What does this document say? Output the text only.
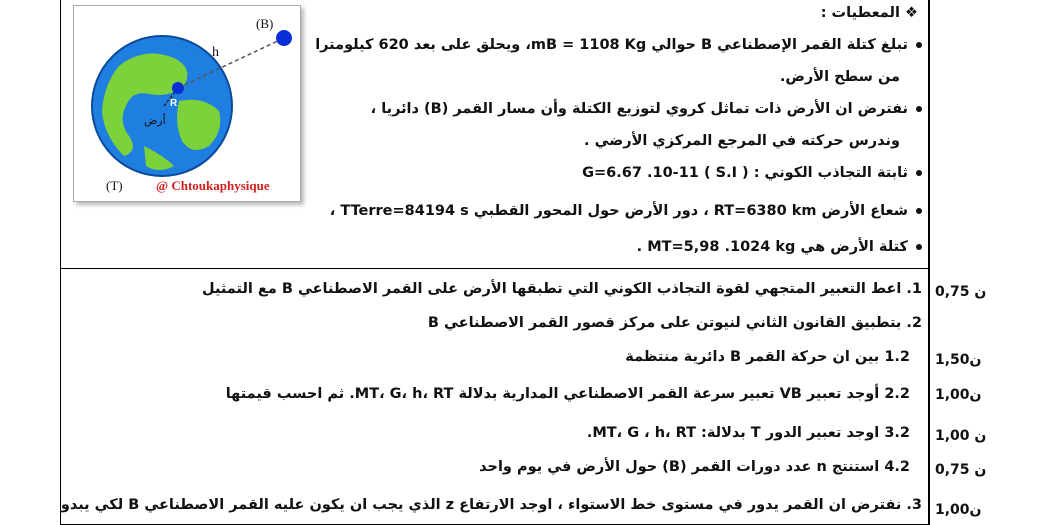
(B)
h
R
أرض
(T)	@ Chtoukaphysique
❖ المعطيات :
تبلغ كتلة القمر الإصطناعي B حوالي mB = 1108 Kg، ويحلق على بعد 620 كيلومترا
من سطح الأرض.
نفترض ان الأرض ذات تماثل كروي لتوزيع الكتلة وأن مسار القمر (B) دائريا ،
وندرس حركته في المرجع المركزي الأرضي .
ثابتة التجاذب الكوني : ( S.I ) G=6.67 .10-11
شعاع الأرض RT=6380 km ، دور الأرض حول المحور القطبي TTerre=84194 s ،
كتلة الأرض هي MT=5,98 .1024 kg .
1. اعط التعبير المتجهي لقوة التجاذب الكوني التي تطبقها الأرض على القمر الاصطناعي B مع التمثيل 0,75 ن
2. بتطبيق القانون الثاني لنيوتن على مركز قصور القمر الاصطناعي B
1.2 بين ان حركة القمر B دائرية منتظمة 1,50ن
2.2 أوجد تعبير VB تعبير سرعة القمر الاصطناعي المدارية بدلالة MT، G، h، RT. ثم احسب قيمتها 1,00ن
3.2 اوجد تعبير الدور T بدلالة: MT، G ، h، RT. 1,00 ن
4.2 استنتج n عدد دورات القمر (B) حول الأرض في يوم واحد 0,75 ن
3. نفترض ان القمر يدور في مستوى خط الاستواء ، اوجد الارتفاع z الذي يجب ان يكون عليه القمر الاصطناعي B لكي يبدو 1,00ن
